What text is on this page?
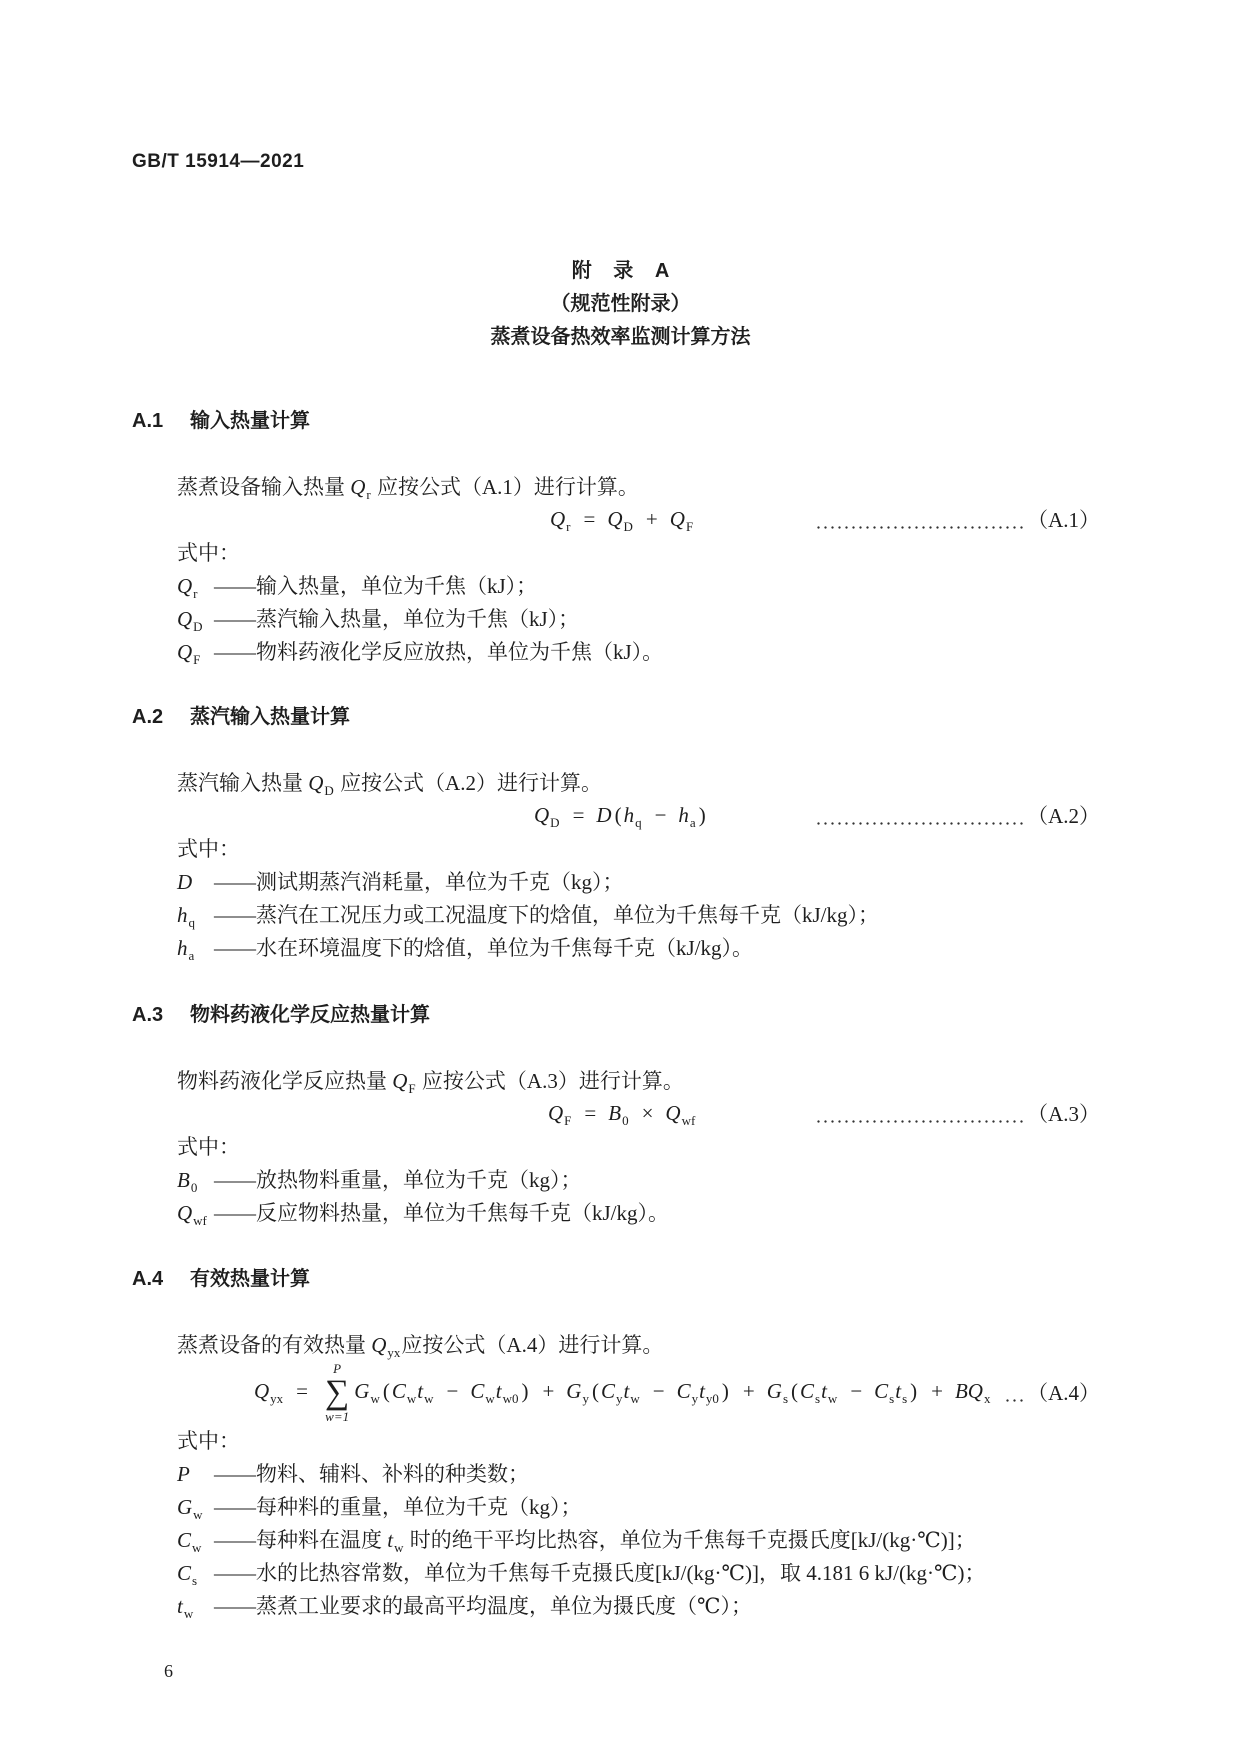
GB/T 15914—2021
附 录 A
（规范性附录）
蒸煮设备热效率监测计算方法
A.1 输入热量计算

蒸煮设备输入热量 $Q_r$ 应按公式（A.1）进行计算。

$Q_r = Q_D + Q_F$	（A.1）

式中：

$Q_r$ ——输入热量，单位为千焦（kJ）；
$Q_D$ ——蒸汽输入热量，单位为千焦（kJ）；
$Q_F$ ——物料药液化学反应放热，单位为千焦（kJ）。
A.2 蒸汽输入热量计算

蒸汽输入热量 $Q_D$ 应按公式（A.2）进行计算。

$Q_D = D$ ($h_q - h_a$ )	（A.2）

式中：

D ——测试期蒸汽消耗量，单位为千克（kg）；
$h_q$ ——蒸汽在工况压力或工况温度下的焓值，单位为千焦每千克（kJ/kg）；
$h_a$ ——水在环境温度下的焓值，单位为千焦每千克（kJ/kg）。
A.3 物料药液化学反应热量计算

物料药液化学反应热量 $Q_F$ 应按公式（A.3）进行计算。

$Q_F = B_0 \times Q_{wf}$	（A.3）

式中：

$B_0$ ——放热物料重量，单位为千克（kg）；
$Q_{wf}$ ——反应物料热量，单位为千焦每千克（kJ/kg）。
A.4 有效热量计算

蒸煮设备的有效热量 $Q_{yx}$应按公式（A.4）进行计算。

$Q_{yx}$ =
P
∑
w=1
$G_w$ ($C_wt_w - C_wt_{w0}$ ) + $G_y$ ($C_yt_w - C_yt_{y0}$ ) + $G_s$ ($C_st_w - C_st_s$ ) + $BQ_x$ （A.4）

式中：

P ——物料、辅料、补料的种类数；
$G_w$ ——每种料的重量，单位为千克（kg）；
$C_w$ ——每种料在温度 $t_w$ 时的绝干平均比热容，单位为千焦每千克摄氏度[kJ/(kg·℃)]；
$C_s$ ——水的比热容常数，单位为千焦每千克摄氏度[kJ/(kg·℃)]，取 4.181 6 kJ/(kg·℃)；
$t_w$ ——蒸煮工业要求的最高平均温度，单位为摄氏度（℃）；
6
